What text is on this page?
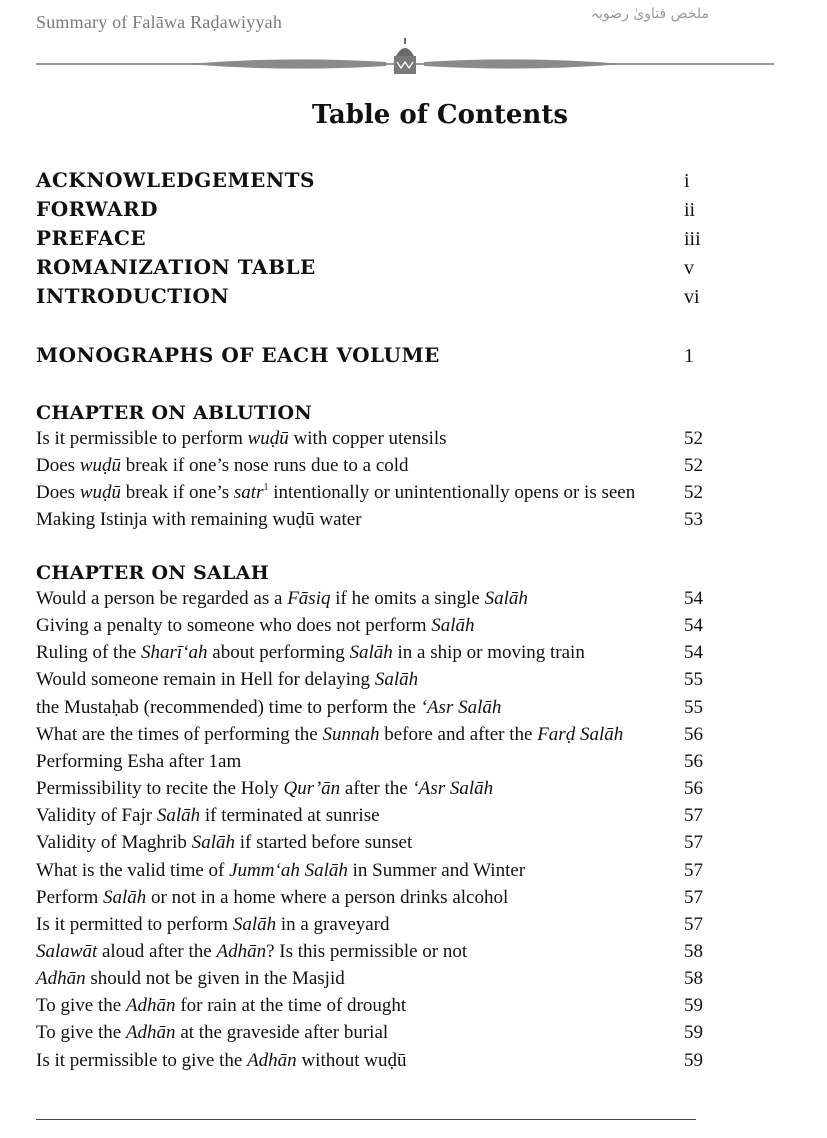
Summary of Falāwa Raḍawiyyah	ملخص فتاویٰ رضویہ
Table of Contents
ACKNOWLEDGEMENTS	i
FORWARD	ii
PREFACE	iii
ROMANIZATION TABLE	v
INTRODUCTION	vi
MONOGRAPHS OF EACH VOLUME	1
CHAPTER ON ABLUTION
Is it permissible to perform wuḍū with copper utensils	52
Does wuḍū break if one’s nose runs due to a cold	52
Does wuḍū break if one’s satr$^1$ intentionally or unintentionally opens or is seen	52
Making Istinja with remaining wuḍū water	53
CHAPTER ON SALAH
Would a person be regarded as a Fāsiq if he omits a single Salāh	54
Giving a penalty to someone who does not perform Salāh	54
Ruling of the Sharī‘ah about performing Salāh in a ship or moving train	54
Would someone remain in Hell for delaying Salāh	55
the Mustaḥab (recommended) time to perform the ‘Asr Salāh	55
What are the times of performing the Sunnah before and after the Farḍ Salāh	56
Performing Esha after 1am	56
Permissibility to recite the Holy Qur’ān after the ‘Asr Salāh	56
Validity of Fajr Salāh if terminated at sunrise	57
Validity of Maghrib Salāh if started before sunset	57
What is the valid time of Jumm‘ah Salāh in Summer and Winter	57
Perform Salāh or not in a home where a person drinks alcohol	57
Is it permitted to perform Salāh in a graveyard	57
Salawāt aloud after the Adhān? Is this permissible or not	58
Adhān should not be given in the Masjid	58
To give the Adhān for rain at the time of drought	59
To give the Adhān at the graveside after burial	59
Is it permissible to give the Adhān without wuḍū	59
